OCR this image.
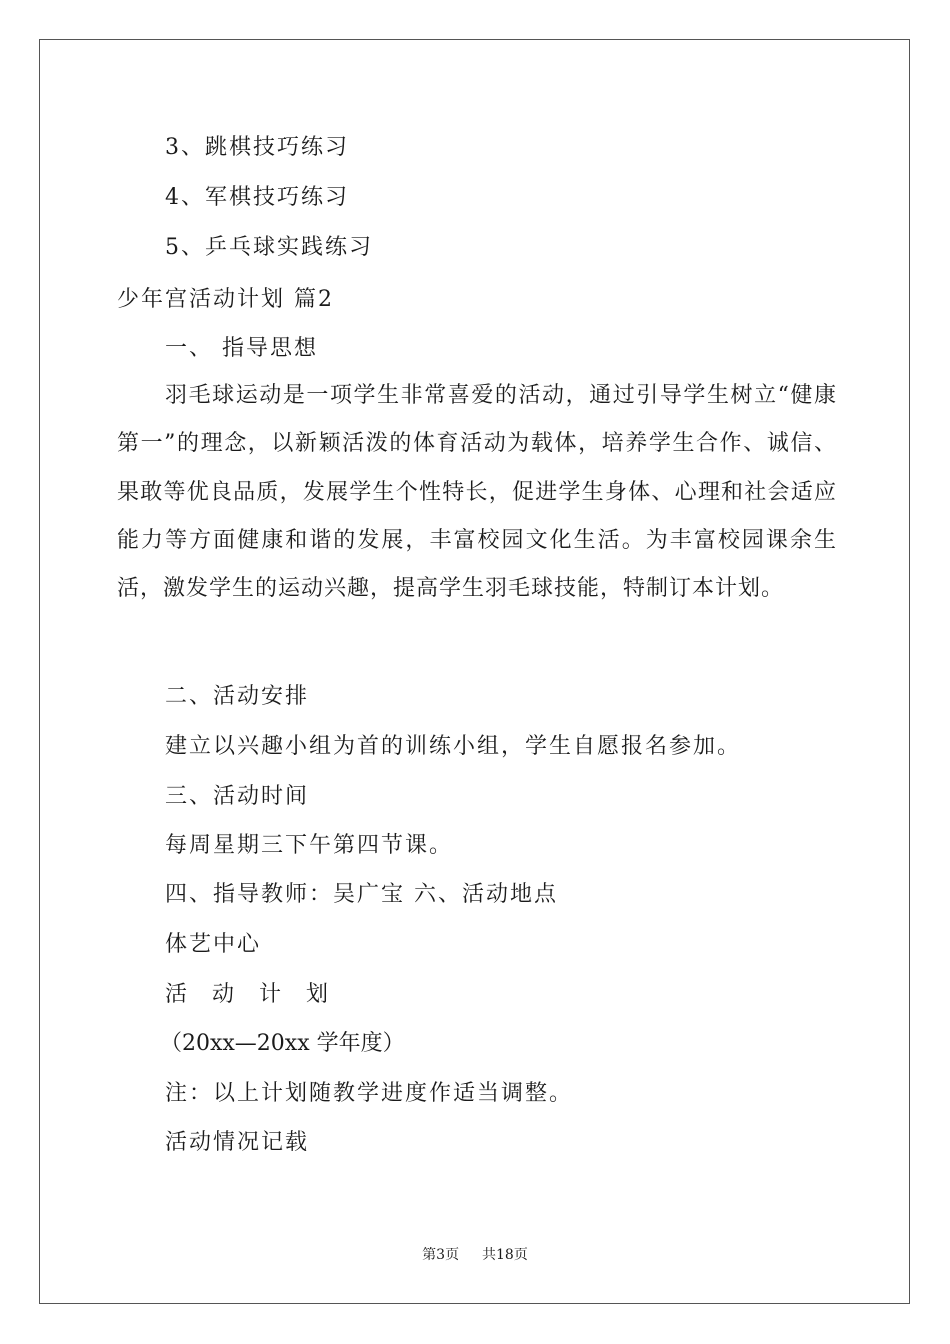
3、跳棋技巧练习
4、军棋技巧练习
5、乒乓球实践练习
少年宫活动计划 篇2
一、 指导思想
羽毛球运动是一项学生非常喜爱的活动，通过引导学生树立“健康第一”的理念，以新颖活泼的体育活动为载体，培养学生合作、诚信、果敢等优良品质，发展学生个性特长，促进学生身体、心理和社会适应能力等方面健康和谐的发展，丰富校园文化生活。为丰富校园课余生活，激发学生的运动兴趣，提高学生羽毛球技能，特制订本计划。
二、活动安排
建立以兴趣小组为首的训练小组，学生自愿报名参加。
三、活动时间
每周星期三下午第四节课。
四、指导教师：吴广宝 六、活动地点
体艺中心
活 动 计 划
（20xx—20xx 学年度）
注：以上计划随教学进度作适当调整。
活动情况记载
第3页 共18页
